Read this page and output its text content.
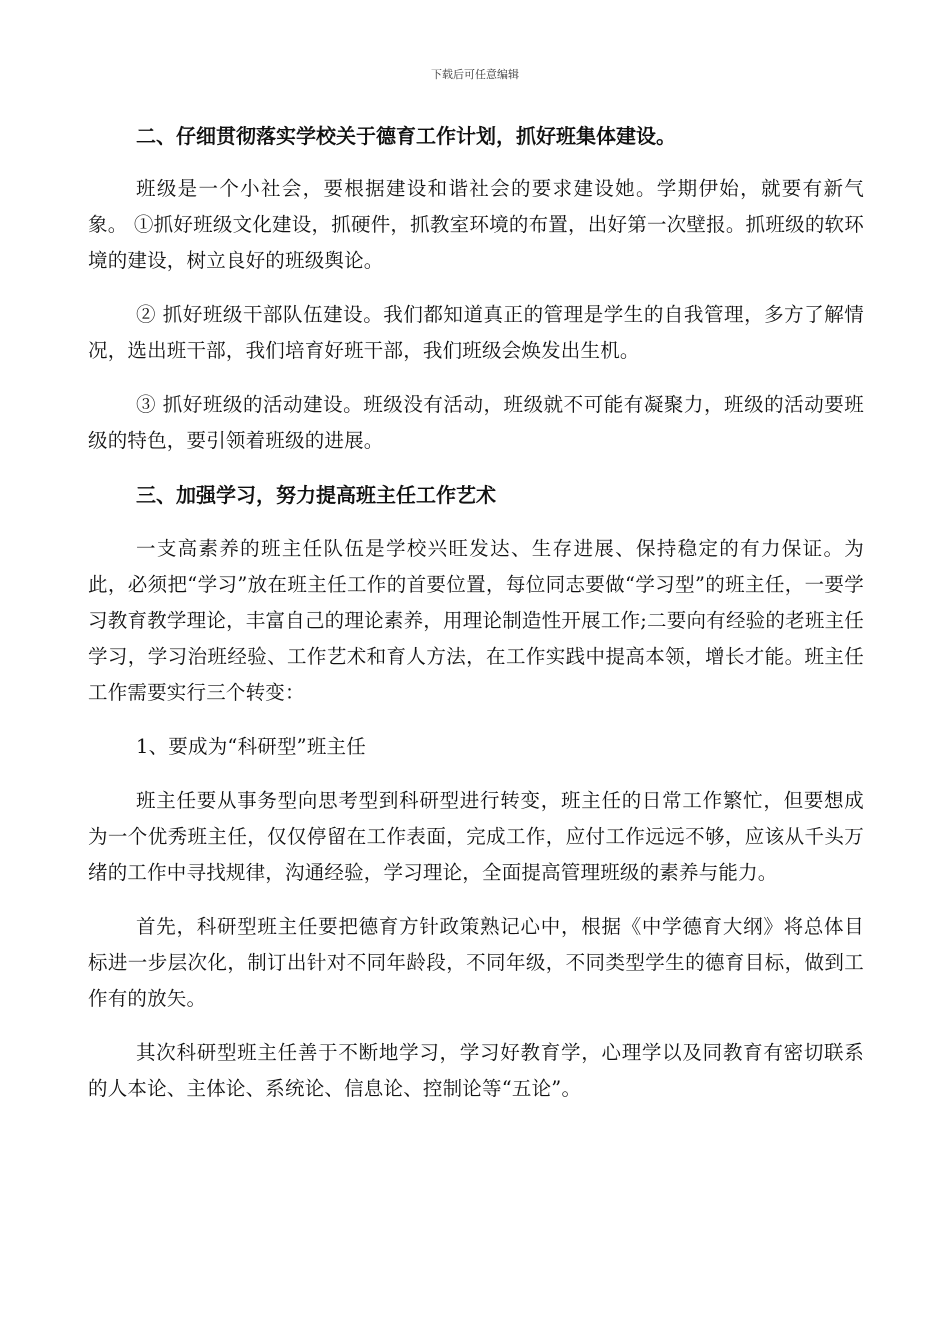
下载后可任意编辑

二、仔细贯彻落实学校关于德育工作计划，抓好班集体建设。

班级是一个小社会，要根据建设和谐社会的要求建设她。学期伊始，就要有新气象。 ①抓好班级文化建设，抓硬件，抓教室环境的布置，出好第一次壁报。抓班级的软环境的建设，树立良好的班级舆论。

② 抓好班级干部队伍建设。我们都知道真正的管理是学生的自我管理，多方了解情况，选出班干部，我们培育好班干部，我们班级会焕发出生机。

③ 抓好班级的活动建设。班级没有活动，班级就不可能有凝聚力，班级的活动要班级的特色，要引领着班级的进展。

三、加强学习，努力提高班主任工作艺术

一支高素养的班主任队伍是学校兴旺发达、生存进展、保持稳定的有力保证。为此，必须把“学习”放在班主任工作的首要位置，每位同志要做“学习型”的班主任，一要学习教育教学理论，丰富自己的理论素养，用理论制造性开展工作;二要向有经验的老班主任学习，学习治班经验、工作艺术和育人方法，在工作实践中提高本领，增长才能。班主任工作需要实行三个转变：

1、要成为“科研型”班主任

班主任要从事务型向思考型到科研型进行转变，班主任的日常工作繁忙，但要想成为一个优秀班主任，仅仅停留在工作表面，完成工作，应付工作远远不够，应该从千头万绪的工作中寻找规律，沟通经验，学习理论，全面提高管理班级的素养与能力。

首先，科研型班主任要把德育方针政策熟记心中，根据《中学德育大纲》将总体目标进一步层次化，制订出针对不同年龄段，不同年级，不同类型学生的德育目标，做到工作有的放矢。

其次科研型班主任善于不断地学习，学习好教育学，心理学以及同教育有密切联系的人本论、主体论、系统论、信息论、控制论等“五论”。
